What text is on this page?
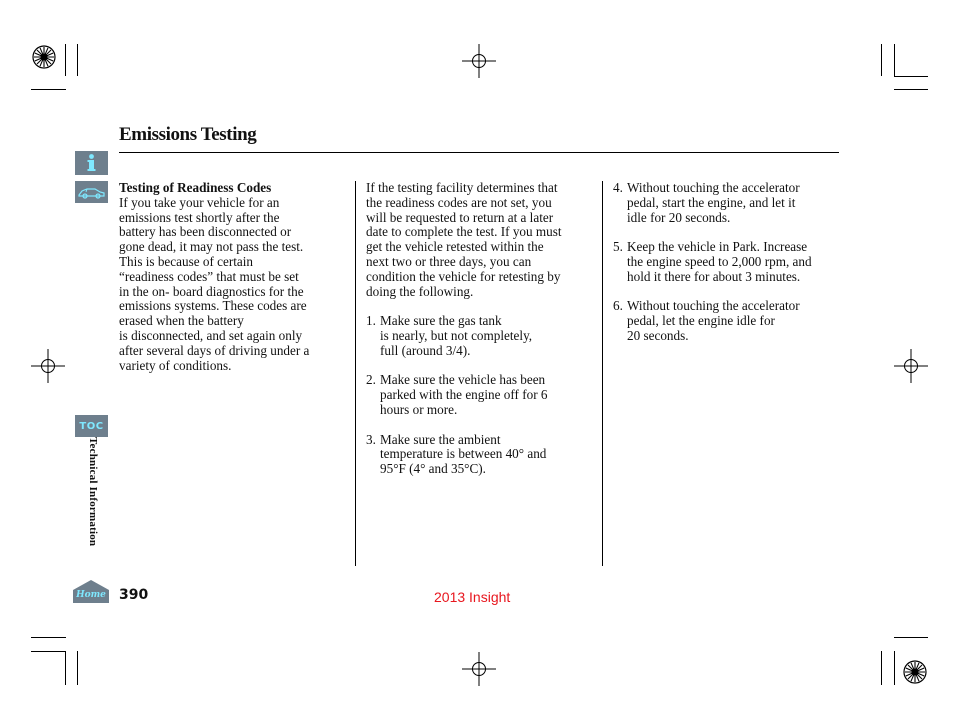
Emissions Testing
TOC
Technical Information
Home

Testing of Readiness Codes

If you take your vehicle for an

emissions test shortly after the

battery has been disconnected or

gone dead, it may not pass the test.

This is because of certain

“readiness codes” that must be set

in the on- board diagnostics for the

emissions systems. These codes are

erased when the battery

is disconnected, and set again only

after several days of driving under a

variety of conditions.

If the testing facility determines that

the readiness codes are not set, you

will be requested to return at a later

date to complete the test. If you must

get the vehicle retested within the

next two or three days, you can

condition the vehicle for retesting by

doing the following.

1. Make sure the gas tank

is nearly, but not completely,

full (around 3/4).

2. Make sure the vehicle has been

parked with the engine off for 6

hours or more.

3. Make sure the ambient

temperature is between 40° and

95°F (4° and 35°C).

4. Without touching the accelerator

pedal, start the engine, and let it

idle for 20 seconds.

5. Keep the vehicle in Park. Increase

the engine speed to 2,000 rpm, and

hold it there for about 3 minutes.

6. Without touching the accelerator

pedal, let the engine idle for

20 seconds.

390	2013 Insight
